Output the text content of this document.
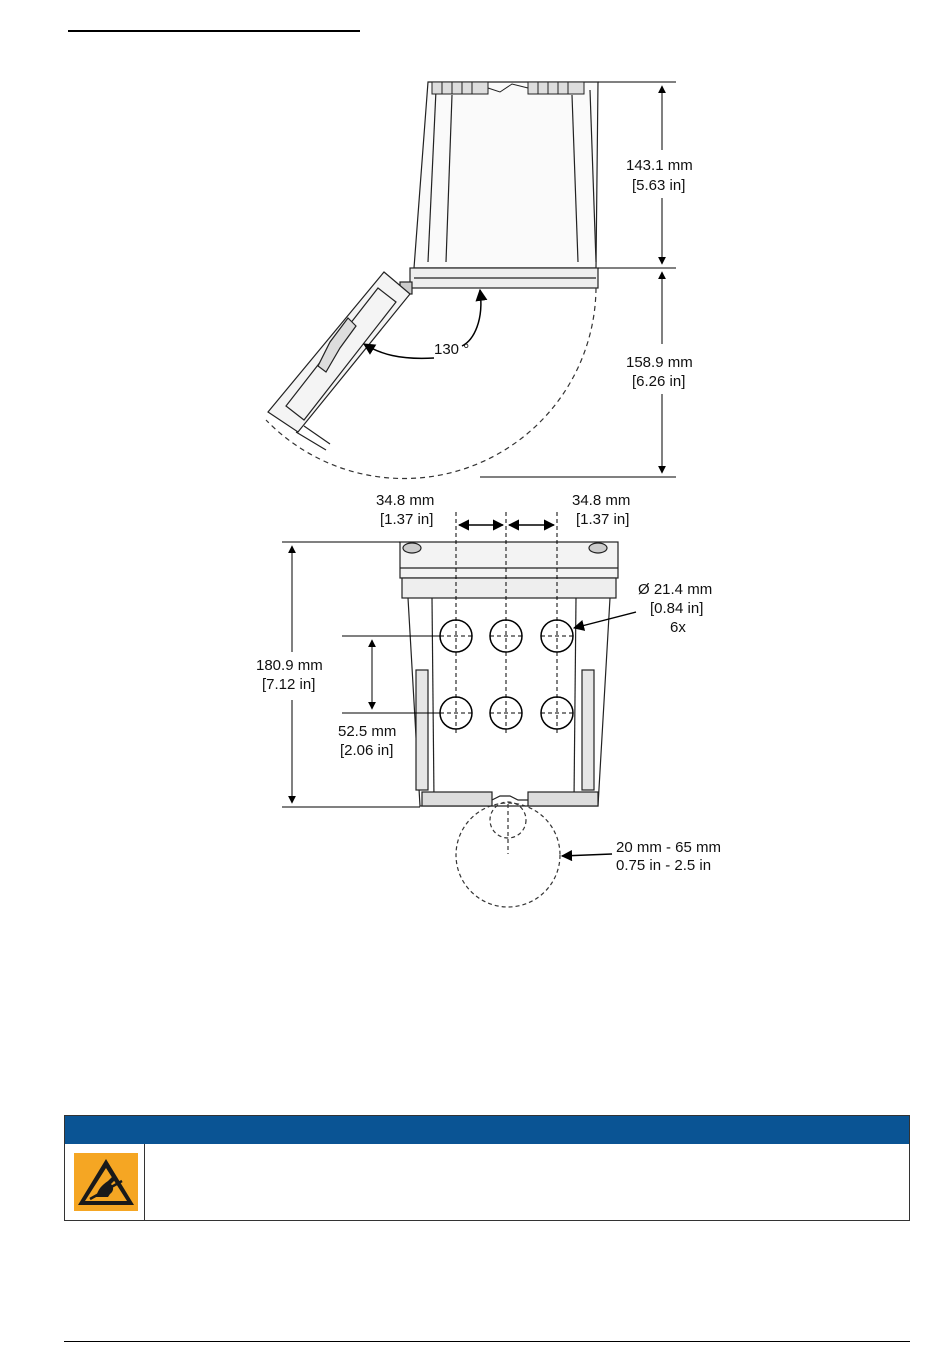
130 °
143.1 mm
[5.63 in]
158.9 mm
[6.26 in]
34.8 mm
[1.37 in]
34.8 mm
[1.37 in]
Ø 21.4 mm
[0.84 in]
6x
180.9 mm
[7.12 in]
52.5 mm
[2.06 in]
20 mm - 65 mm
0.75 in - 2.5 in
